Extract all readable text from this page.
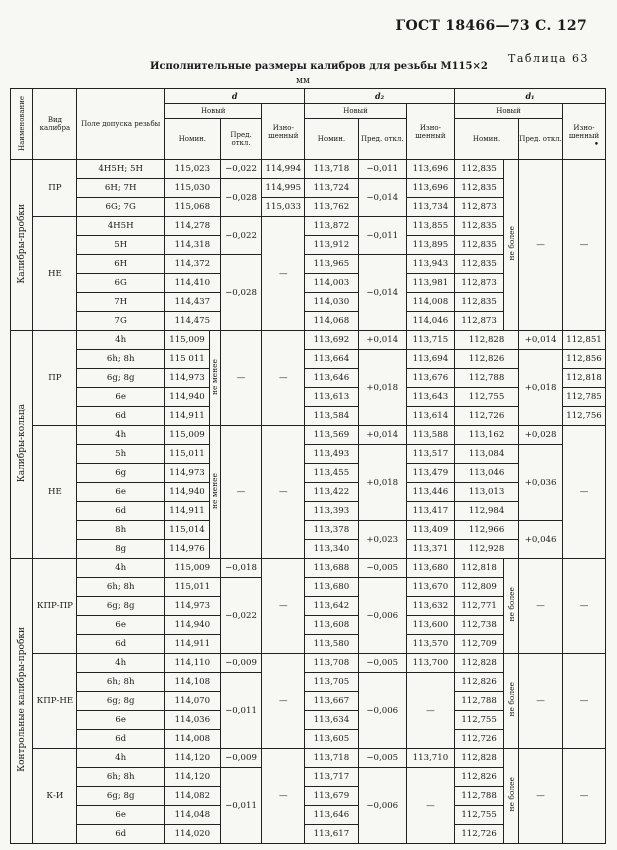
ГОСТ 18466—73 С. 127
Таблица 63
Исполнительные размеры калибров для резьбы М115×2
мм
•
Наименование	Вид калибра	Поле допуска резьбы	d				d₂			d₁			
			Новый			Изно-шенный	Новый		Изно-шенный	Новый			Изно-шенный
			Номин.		Пред. откл.		Номин.	Пред. откл.		Номин.		Пред. откл.	
Калибры-пробки	ПР	4H5H; 5H	115,023		−0,022	114,994	113,718	−0,011	113,696	112,835	не более	—	—
		6H; 7H	115,030		−0,028	114,995	113,724	−0,014	113,696	112,835			
		6G; 7G	115,068			115,033	113,762		113,734	112,873			
	НЕ	4H5H	114,278		−0,022	—	113,872	−0,011	113,855	112,835			
		5H	114,318				113,912		113,895	112,835			
		6H	114,372		−0,028		113,965	−0,014	113,943	112,835			
		6G	114,410				114,003		113,981	112,873			
		7H	114,437				114,030		114,008	112,835			
		7G	114,475				114,068		114,046	112,873			
Калибры-кольца	ПР	4h	115,009	не менее	—	—	113,692	+0,014	113,715	112,828		+0,014	112,851
		6h; 8h	115 011				113,664	+0,018	113,694	112,826		+0,018	112,856
		6g; 8g	114,973				113,646		113,676	112,788			112,818
		6e	114,940				113,613		113,643	112,755			112,785
		6d	114,911				113,584		113,614	112,726			112,756
	НЕ	4h	115,009	не менее	—	—	113,569	+0,014	113,588	113,162		+0,028	—
		5h	115,011				113,493	+0,018	113,517	113,084		+0,036	
		6g	114,973				113,455		113,479	113,046			
		6e	114,940				113,422		113,446	113,013			
		6d	114,911				113,393		113,417	112,984			
		8h	115,014				113,378	+0,023	113,409	112,966		+0,046	
		8g	114,976				113,340		113,371	112,928			
Контрольные калибры-пробки	КПР-ПР	4h	115,009		−0,018	—	113,688	−0,005	113,680	112,818	не более	—	—
		6h; 8h	115,011		−0,022		113,680	−0,006	113,670	112,809			
		6g; 8g	114,973				113,642		113,632	112,771			
		6e	114,940				113,608		113,600	112,738			
		6d	114,911				113,580		113,570	112,709			
	КПР-НЕ	4h	114,110		−0,009	—	113,708	−0,005	113,700	112,828	не более	—	—
		6h; 8h	114,108		−0,011		113,705	−0,006	—	112,826			
		6g; 8g	114,070				113,667			112,788			
		6e	114,036				113,634			112,755			
		6d	114,008				113,605			112,726			
	К-И	4h	114,120		−0,009	—	113,718	−0,005	113,710	112,828	не более	—	—
		6h; 8h	114,120		−0,011		113,717	−0,006	—	112,826			
		6g; 8g	114,082				113,679			112,788			
		6e	114,048				113,646			112,755			
		6d	114,020				113,617			112,726			
